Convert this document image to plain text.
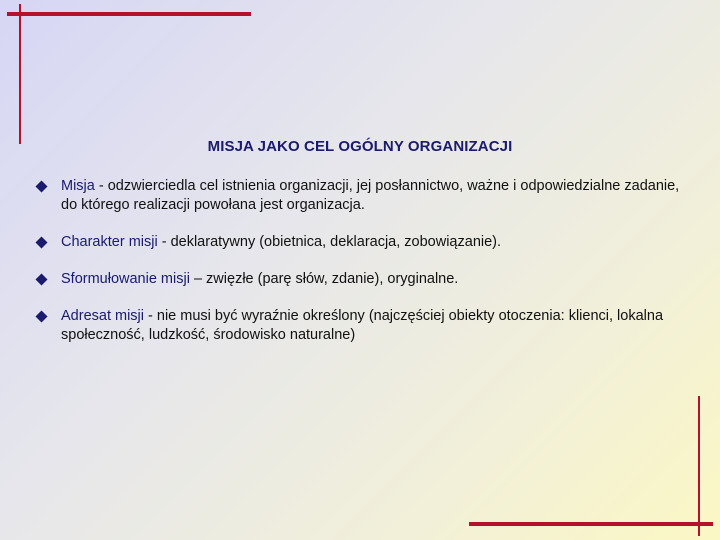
MISJA JAKO CEL OGÓLNY ORGANIZACJI
Misja - odzwierciedla cel istnienia organizacji, jej posłannictwo, ważne i odpowiedzialne zadanie, do którego realizacji powołana jest organizacja.
Charakter misji - deklaratywny (obietnica, deklaracja, zobowiązanie).
Sformułowanie misji – zwięzłe (parę słów, zdanie), oryginalne.
Adresat misji - nie musi być wyraźnie określony (najczęściej obiekty otoczenia: klienci, lokalna społeczność, ludzkość, środowisko naturalne)
